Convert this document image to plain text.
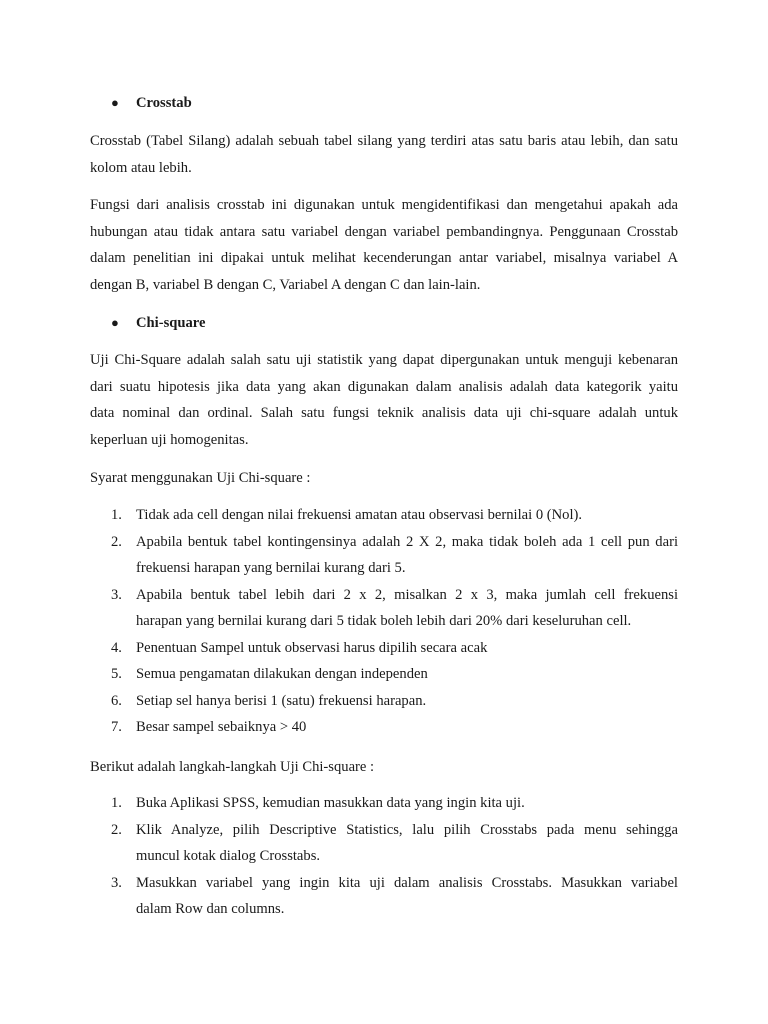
● Crosstab
Crosstab (Tabel Silang) adalah sebuah tabel silang yang terdiri atas satu baris atau lebih, dan satu
kolom atau lebih.
Fungsi dari analisis crosstab ini digunakan untuk mengidentifikasi dan mengetahui apakah ada
hubungan atau tidak antara satu variabel dengan variabel pembandingnya. Penggunaan Crosstab
dalam penelitian ini dipakai untuk melihat kecenderungan antar variabel, misalnya variabel A
dengan B, variabel B dengan C, Variabel A dengan C dan lain-lain.
● Chi-square
Uji Chi-Square adalah salah satu uji statistik yang dapat dipergunakan untuk menguji kebenaran
dari suatu hipotesis jika data yang akan digunakan dalam analisis adalah data kategorik yaitu
data nominal dan ordinal. Salah satu fungsi teknik analisis data uji chi-square adalah untuk
keperluan uji homogenitas.
Syarat menggunakan Uji Chi-square :
1. Tidak ada cell dengan nilai frekuensi amatan atau observasi bernilai 0 (Nol).
2. Apabila bentuk tabel kontingensinya adalah 2 X 2, maka tidak boleh ada 1 cell pun dari
frekuensi harapan yang bernilai kurang dari 5.
3. Apabila bentuk tabel lebih dari 2 x 2, misalkan 2 x 3, maka jumlah cell frekuensi
harapan yang bernilai kurang dari 5 tidak boleh lebih dari 20% dari keseluruhan cell.
4. Penentuan Sampel untuk observasi harus dipilih secara acak
5. Semua pengamatan dilakukan dengan independen
6. Setiap sel hanya berisi 1 (satu) frekuensi harapan.
7. Besar sampel sebaiknya > 40
Berikut adalah langkah-langkah Uji Chi-square :
1. Buka Aplikasi SPSS, kemudian masukkan data yang ingin kita uji.
2. Klik Analyze, pilih Descriptive Statistics, lalu pilih Crosstabs pada menu sehingga
muncul kotak dialog Crosstabs.
3. Masukkan variabel yang ingin kita uji dalam analisis Crosstabs. Masukkan variabel
dalam Row dan columns.
